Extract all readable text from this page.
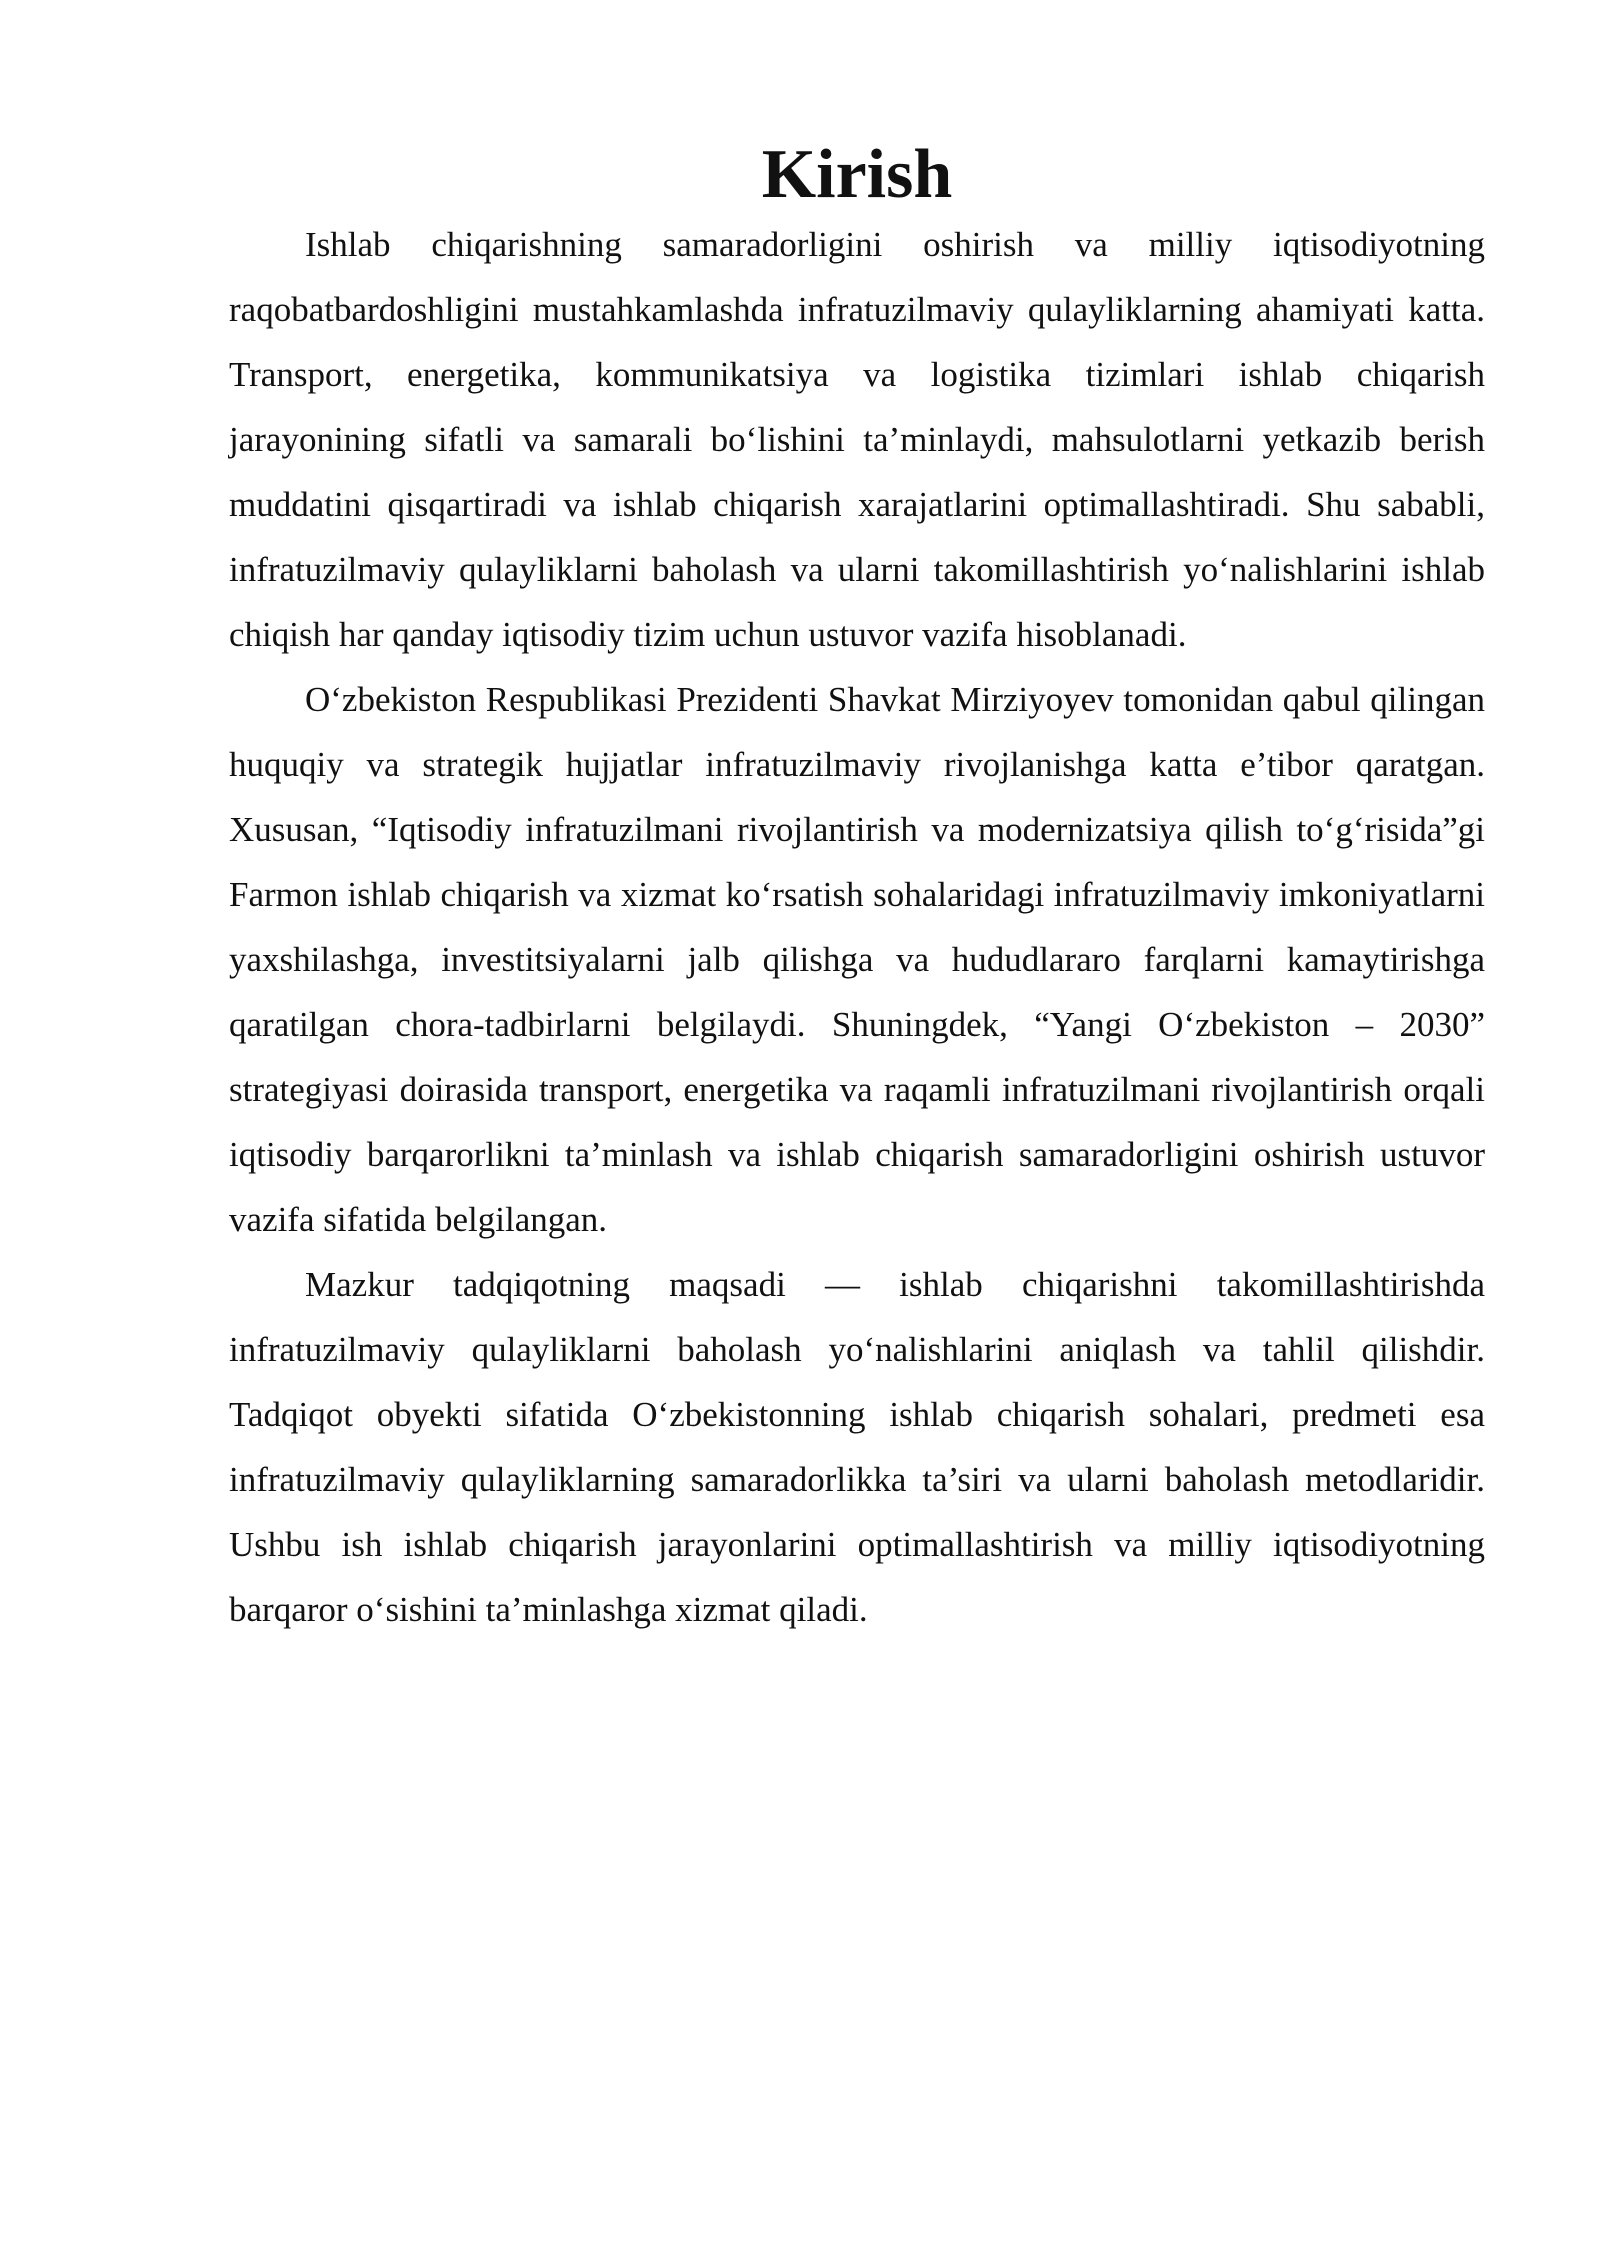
Kirish

Ishlab chiqarishning samaradorligini oshirish va milliy iqtisodiyotning raqobatbardoshligini mustahkamlashda infratuzilmaviy qulayliklarning ahamiyati katta. Transport, energetika, kommunikatsiya va logistika tizimlari ishlab chiqarish jarayonining sifatli va samarali bo‘lishini ta’minlaydi, mahsulotlarni yetkazib berish muddatini qisqartiradi va ishlab chiqarish xarajatlarini optimallashtiradi. Shu sababli, infratuzilmaviy qulayliklarni baholash va ularni takomillashtirish yo‘nalishlarini ishlab chiqish har qanday iqtisodiy tizim uchun ustuvor vazifa hisoblanadi.

O‘zbekiston Respublikasi Prezidenti Shavkat Mirziyoyev tomonidan qabul qilingan huquqiy va strategik hujjatlar infratuzilmaviy rivojlanishga katta e’tibor qaratgan. Xususan, “Iqtisodiy infratuzilmani rivojlantirish va modernizatsiya qilish to‘g‘risida”gi Farmon ishlab chiqarish va xizmat ko‘rsatish sohalaridagi infratuzilmaviy imkoniyatlarni yaxshilashga, investitsiyalarni jalb qilishga va hududlararo farqlarni kamaytirishga qaratilgan chora-tadbirlarni belgilaydi. Shuningdek, “Yangi O‘zbekiston – 2030” strategiyasi doirasida transport, energetika va raqamli infratuzilmani rivojlantirish orqali iqtisodiy barqarorlikni ta’minlash va ishlab chiqarish samaradorligini oshirish ustuvor vazifa sifatida belgilangan.

Mazkur tadqiqotning maqsadi — ishlab chiqarishni takomillashtirishda infratuzilmaviy qulayliklarni baholash yo‘nalishlarini aniqlash va tahlil qilishdir. Tadqiqot obyekti sifatida O‘zbekistonning ishlab chiqarish sohalari, predmeti esa infratuzilmaviy qulayliklarning samaradorlikka ta’siri va ularni baholash metodlaridir. Ushbu ish ishlab chiqarish jarayonlarini optimallashtirish va milliy iqtisodiyotning barqaror o‘sishini ta’minlashga xizmat qiladi.
